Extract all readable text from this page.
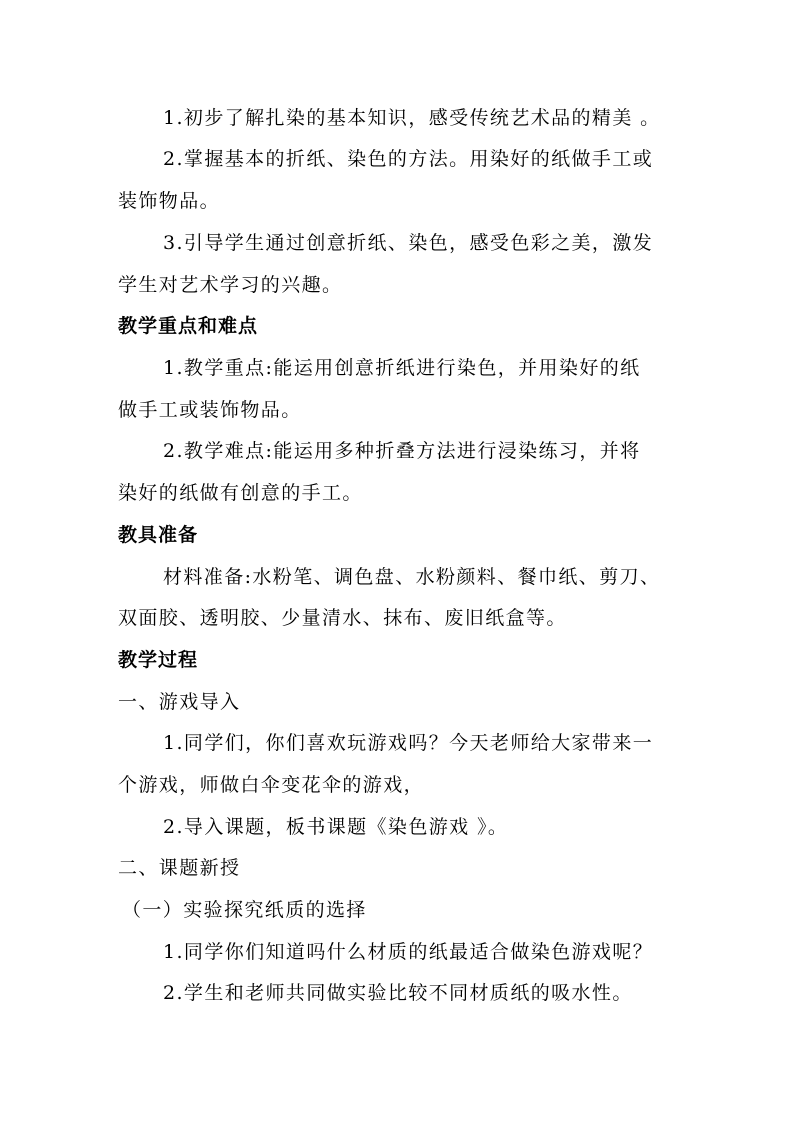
1.初步了解扎染的基本知识，感受传统艺术品的精美 。
2.掌握基本的折纸、染色的方法。用染好的纸做手工或
装饰物品。
3.引导学生通过创意折纸、染色，感受色彩之美，激发
学生对艺术学习的兴趣。
教学重点和难点
1.教学重点:能运用创意折纸进行染色，并用染好的纸
做手工或装饰物品。
2.教学难点:能运用多种折叠方法进行浸染练习，并将
染好的纸做有创意的手工。
教具准备
材料准备:水粉笔、调色盘、水粉颜料、餐巾纸、剪刀、
双面胶、透明胶、少量清水、抹布、废旧纸盒等。
教学过程
一、游戏导入
1.同学们，你们喜欢玩游戏吗？今天老师给大家带来一
个游戏，师做白伞变花伞的游戏，
2.导入课题，板书课题《染色游戏 》。
二、课题新授
（一）实验探究纸质的选择
1.同学你们知道吗什么材质的纸最适合做染色游戏呢？
2.学生和老师共同做实验比较不同材质纸的吸水性。
